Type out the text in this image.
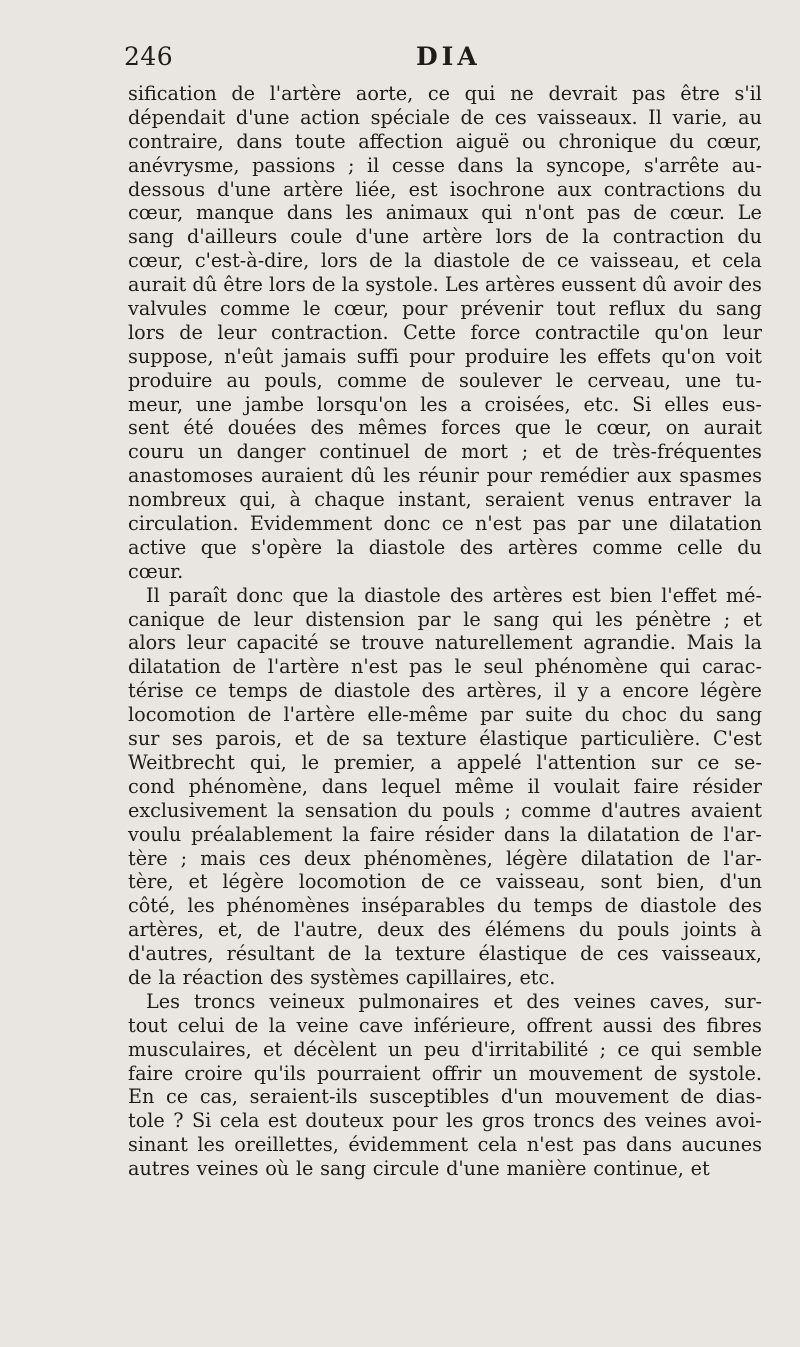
246	DIA
sification de l'artère aorte, ce qui ne devrait pas être s'il
dépendait d'une action spéciale de ces vaisseaux. Il varie, au
contraire, dans toute affection aiguë ou chronique du cœur,
anévrysme, passions ; il cesse dans la syncope, s'arrête au-
dessous d'une artère liée, est isochrone aux contractions du
cœur, manque dans les animaux qui n'ont pas de cœur. Le
sang d'ailleurs coule d'une artère lors de la contraction du
cœur, c'est-à-dire, lors de la diastole de ce vaisseau, et cela
aurait dû être lors de la systole. Les artères eussent dû avoir des
valvules comme le cœur, pour prévenir tout reflux du sang
lors de leur contraction. Cette force contractile qu'on leur
suppose, n'eût jamais suffi pour produire les effets qu'on voit
produire au pouls, comme de soulever le cerveau, une tu-
meur, une jambe lorsqu'on les a croisées, etc. Si elles eus-
sent été douées des mêmes forces que le cœur, on aurait
couru un danger continuel de mort ; et de très-fréquentes
anastomoses auraient dû les réunir pour remédier aux spasmes
nombreux qui, à chaque instant, seraient venus entraver la
circulation. Evidemment donc ce n'est pas par une dilatation
active que s'opère la diastole des artères comme celle du
cœur.
Il paraît donc que la diastole des artères est bien l'effet mé-
canique de leur distension par le sang qui les pénètre ; et
alors leur capacité se trouve naturellement agrandie. Mais la
dilatation de l'artère n'est pas le seul phénomène qui carac-
térise ce temps de diastole des artères, il y a encore légère
locomotion de l'artère elle-même par suite du choc du sang
sur ses parois, et de sa texture élastique particulière. C'est
Weitbrecht qui, le premier, a appelé l'attention sur ce se-
cond phénomène, dans lequel même il voulait faire résider
exclusivement la sensation du pouls ; comme d'autres avaient
voulu préalablement la faire résider dans la dilatation de l'ar-
tère ; mais ces deux phénomènes, légère dilatation de l'ar-
tère, et légère locomotion de ce vaisseau, sont bien, d'un
côté, les phénomènes inséparables du temps de diastole des
artères, et, de l'autre, deux des élémens du pouls joints à
d'autres, résultant de la texture élastique de ces vaisseaux,
de la réaction des systèmes capillaires, etc.
Les troncs veineux pulmonaires et des veines caves, sur-
tout celui de la veine cave inférieure, offrent aussi des fibres
musculaires, et décèlent un peu d'irritabilité ; ce qui semble
faire croire qu'ils pourraient offrir un mouvement de systole.
En ce cas, seraient-ils susceptibles d'un mouvement de dias-
tole ? Si cela est douteux pour les gros troncs des veines avoi-
sinant les oreillettes, évidemment cela n'est pas dans aucunes
autres veines où le sang circule d'une manière continue, et
